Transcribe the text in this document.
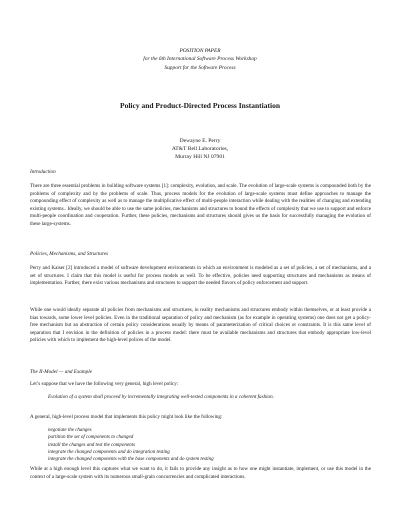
POSITION PAPER
for the 6th International Software Process Workshop
Support for the Software Process
Policy and Product-Directed Process Instantiation
Dewayne E. Perry
AT&T Bell Laboratories,
Murray Hill NJ 07901
Introduction

There are three essential problems in building software systems [1]: complexity, evolution, and scale. The evolution of large-scale systems is compounded both by the problems of complexity and by the problems of scale. Thus, process models for the evolution of large-scale systems must define approaches to manage the compounding effect of complexity as well as to manage the multiplicative effect of multi-people interaction while dealing with the realities of changing and extending existing systems.. Ideally, we should be able to use the same policies, mechanisms and structures to bound the effects of complexity that we use to support and enforce multi-people coordination and cooperation. Further, these policies, mechanisms and structures should gives us the basis for successfully managing the evolution of these large-systems.

Policies, Mechanisms, and Structures

Perry and Kaiser [2] introduced a model of software development environments in which an environment is modeled as a set of policies, a set of mechanisms, and a set of structures. I claim that this model is useful for process models as well. To be effective, policies need supporting structures and mechanisms as means of implementation. Further, there exist various mechanisms and structures to support the needed flavors of policy enforcement and support.

While one would ideally separate all policies from mechanisms and structures, in reality mechanisms and structures embody within themselves, or at least provide a bias towards, some lower level policies. Even in the traditional separation of policy and mechanism (as for example in operating systems) one does not get a policy-free mechanism but an abstraction of certain policy considerations usually by means of parameterization of critical choices or constraints. It is this same level of separation that I envision in the definition of policies in a process model: there must be available mechanisms and structures that embody appropriate low-level policies with which to implement the high-level polices of the model.

The II-Model — and Example

Let’s suppose that we have the following very general, high level policy:

Evolution of a system shall proceed by incrementally integrating well-tested components in a coherent fashion.

A general, high-level process model that implements this policy might look like the following:

negotiate the changes
partition the set of components to changed
install the changes and test the components
integrate the changed components and do integration testing
integrate the changed components with the base components and do system testing

While at a high enough level this captures what we want to do, it fails to provide any insight as to how one might instantiate, implement, or use this model in the context of a large-scale system with its numerous small-grain concurrencies and complicated interactions.
